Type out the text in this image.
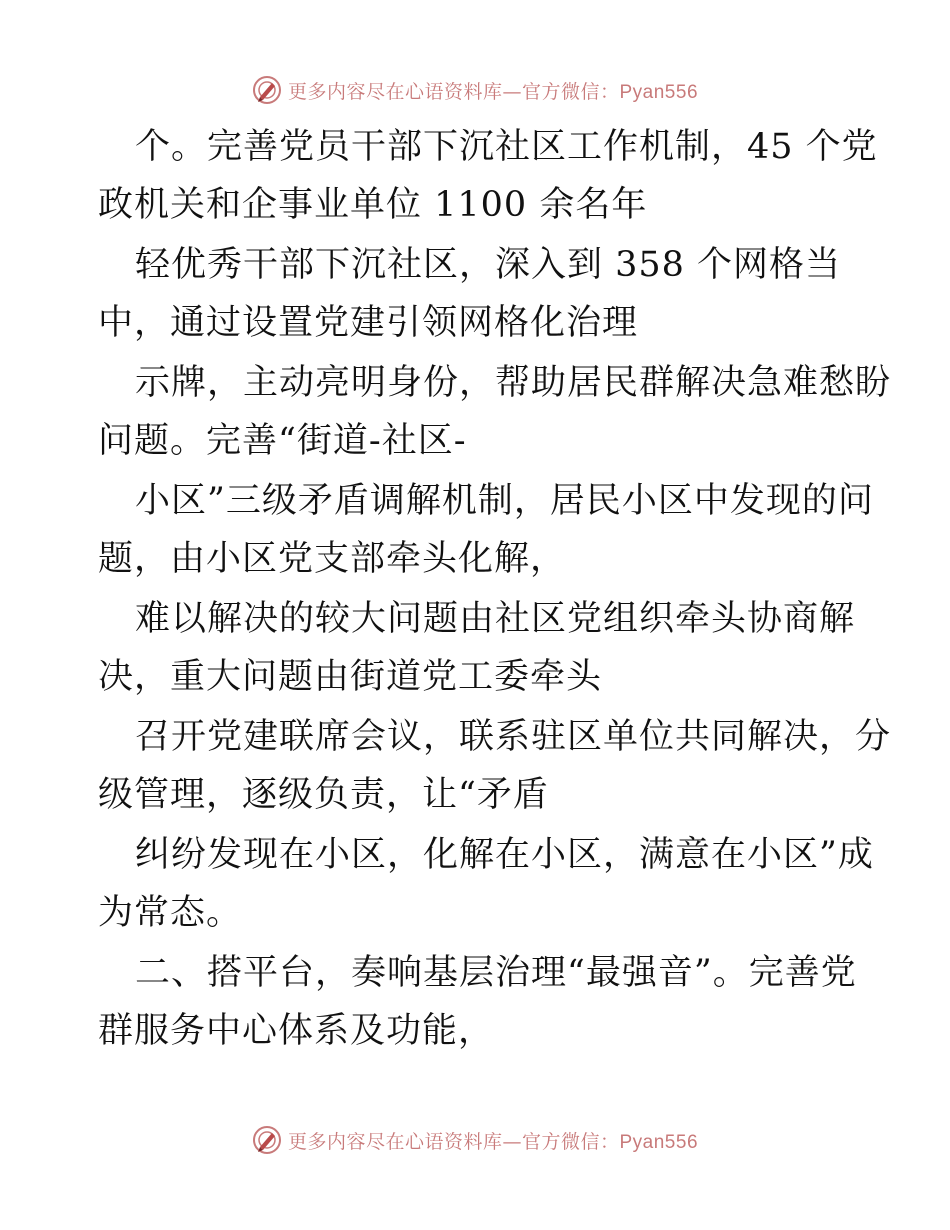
更多内容尽在心语资料库—官方微信：Pyan556
个。完善党员干部下沉社区工作机制，45 个党
政机关和企事业单位 1100 余名年
轻优秀干部下沉社区，深入到 358 个网格当
中，通过设置党建引领网格化治理
示牌，主动亮明身份，帮助居民群解决急难愁盼
问题。完善“街道-社区-
小区”三级矛盾调解机制，居民小区中发现的问
题，由小区党支部牵头化解，
难以解决的较大问题由社区党组织牵头协商解
决，重大问题由街道党工委牵头
召开党建联席会议，联系驻区单位共同解决，分
级管理，逐级负责，让“矛盾
纠纷发现在小区，化解在小区，满意在小区”成
为常态。
二、搭平台，奏响基层治理“最强音”。完善党
群服务中心体系及功能，
更多内容尽在心语资料库—官方微信：Pyan556
